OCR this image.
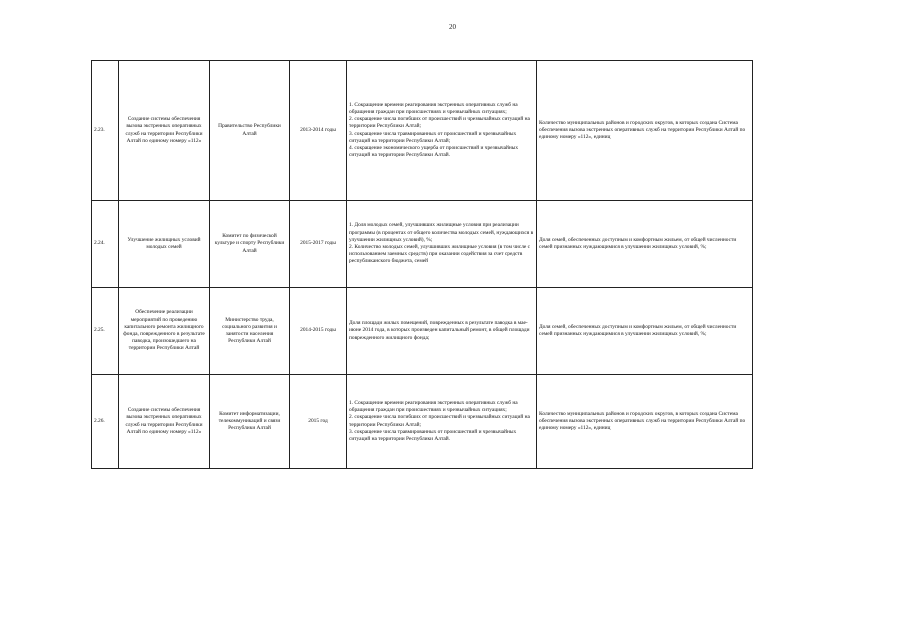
20
2.23.	Создание системы обеспечения вызова экстренных оперативных служб на территории Республики Алтай по единому номеру «112»	Правительство Республики Алтай	2013-2014 годы	1. Сокращение времени реагирования экстренных оперативных служб на обращения граждан при происшествиях и чрезвычайных ситуациях;
2. сокращение числа погибших от происшествий и чрезвычайных ситуаций на территории Республики Алтай;
3. сокращение числа травмированных от происшествий и чрезвычайных ситуаций на территории Республики Алтай;
4. сокращение экономического ущерба от происшествий и чрезвычайных ситуаций на территории Республики Алтай.	Количество муниципальных районов и городских округов, в которых создана Система обеспечения вызова экстренных оперативных служб на территории Республики Алтай по единому номеру «112», единиц
2.24.	Улучшение жилищных условий молодых семей	Комитет по физической культуре и спорту Республики Алтай	2015-2017 годы	1. Доля молодых семей, улучшивших жилищные условия при реализации программы (в процентах от общего количества молодых семей, нуждающихся в улучшении жилищных условий), %;
2. Количество молодых семей, улучшивших жилищные условия (в том числе с использованием заемных средств) при оказании содействия за счет средств республиканского бюджета, семей	Доля семей, обеспеченных доступным и комфортным жильем, от общей численности семей признанных нуждающимися в улучшении жилищных условий, %;
2.25.	Обеспечение реализации мероприятий по проведению капитального ремонта жилищного фонда, поврежденного в результате паводка, произошедшего на территории Республики Алтай	Министерство труда, социального развития и занятости населения Республики Алтай	2014-2015 годы	Доля площади жилых помещений, поврежденных в результате паводка в мае-июне 2014 года, в которых произведен капитальный ремонт, в общей площади поврежденного жилищного фонда;	Доля семей, обеспеченных доступным и комфортным жильем, от общей численности семей признанных нуждающимися в улучшении жилищных условий, %;
2.26.	Создание системы обеспечения вызова экстренных оперативных служб на территории Республики Алтай по единому номеру «112»	Комитет информатизации, телекоммуникаций и связи Республики Алтай	2015 год	1. Сокращение времени реагирования экстренных оперативных служб на обращения граждан при происшествиях и чрезвычайных ситуациях;
2. сокращение числа погибших от происшествий и чрезвычайных ситуаций на территории Республики Алтай;
3. сокращение числа травмированных от происшествий и чрезвычайных ситуаций на территории Республики Алтай.	Количество муниципальных районов и городских округов, в которых создана Система обеспечения вызова экстренных оперативных служб на территории Республики Алтай по единому номеру «112», единиц
